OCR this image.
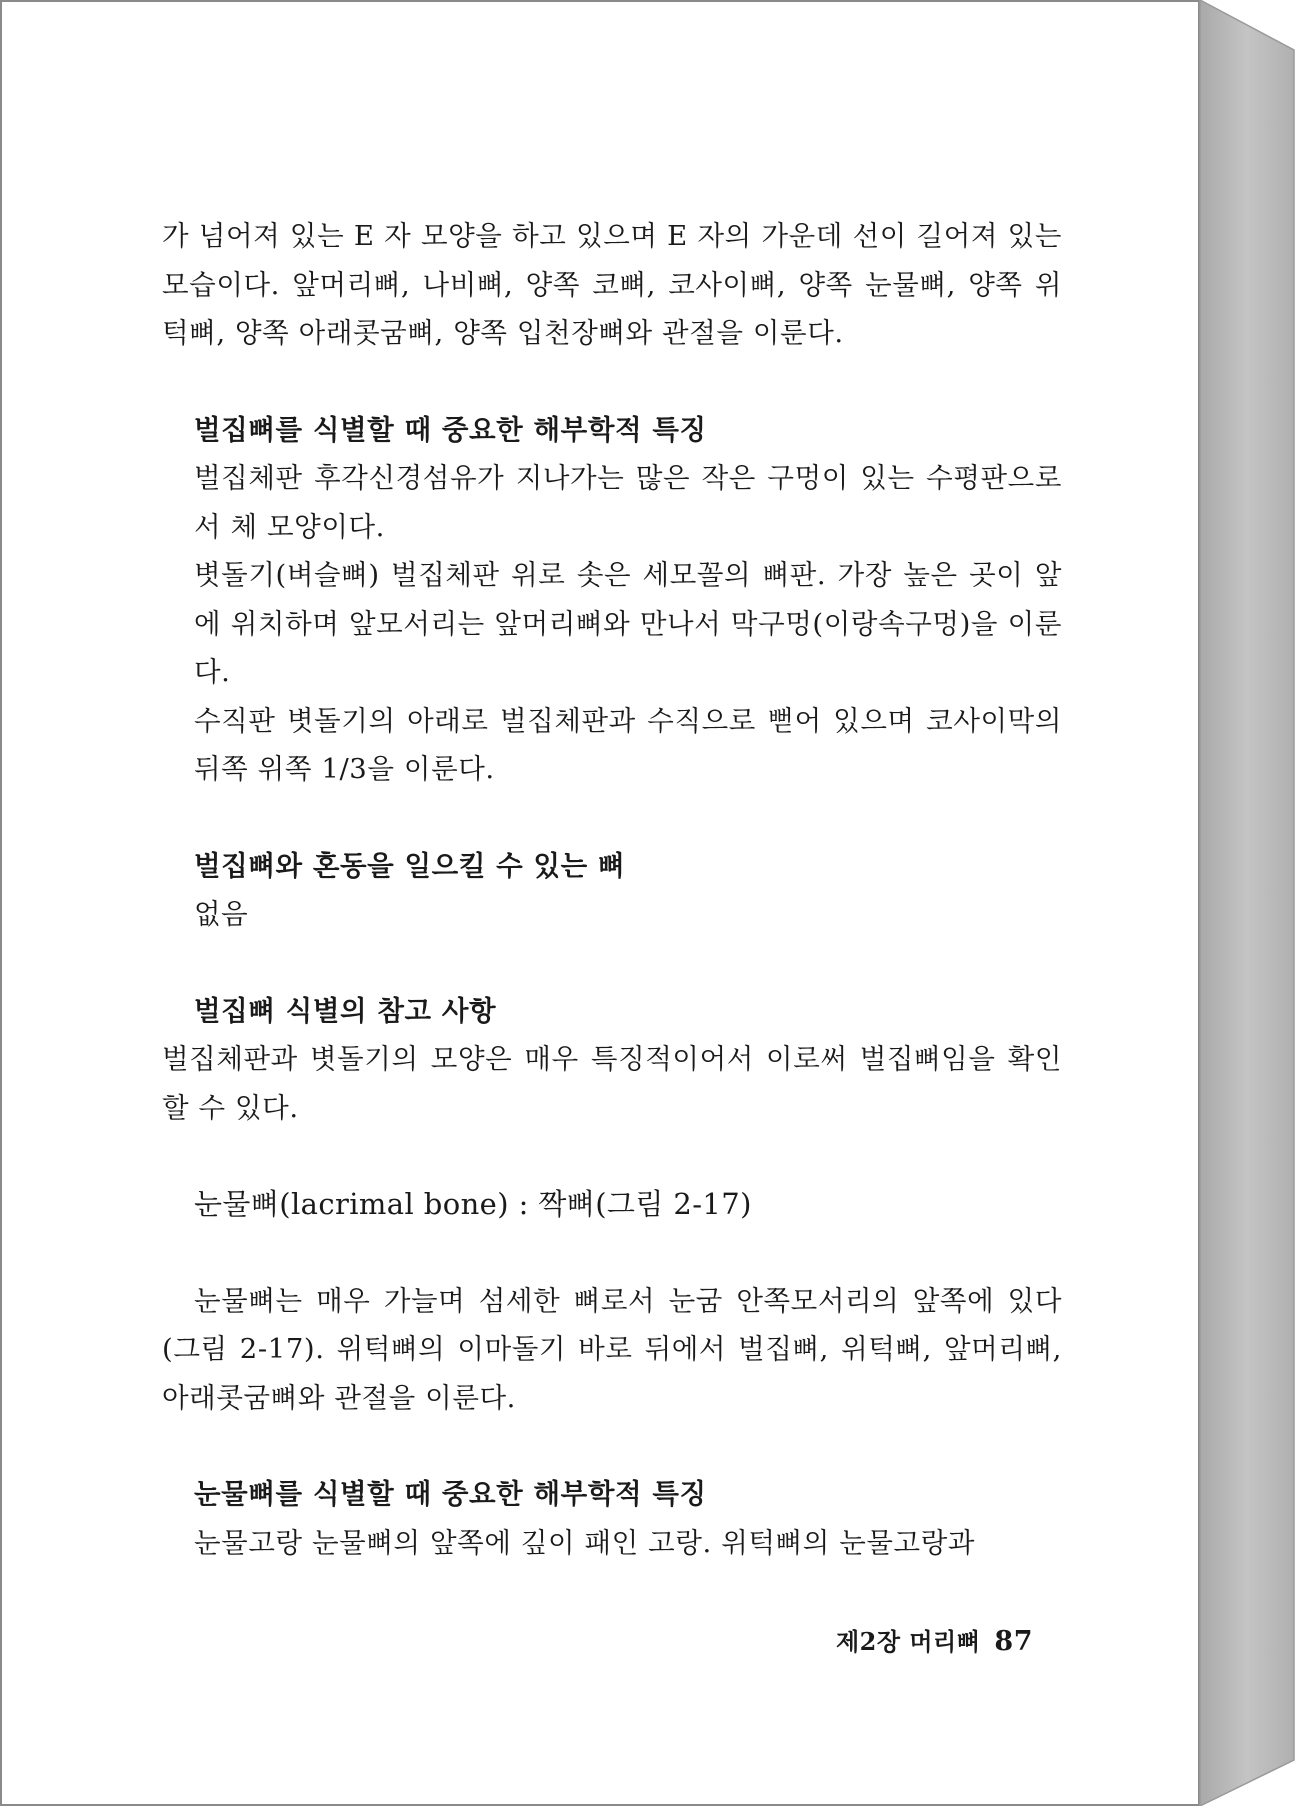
가 넘어져 있는 E 자 모양을 하고 있으며 E 자의 가운데 선이 길어져 있는 모습이다. 앞머리뼈, 나비뼈, 양쪽 코뼈, 코사이뼈, 양쪽 눈물뼈, 양쪽 위턱뼈, 양쪽 아래콧굼뼈, 양쪽 입천장뼈와 관절을 이룬다.

벌집뼈를 식별할 때 중요한 해부학적 특징

벌집체판 후각신경섬유가 지나가는 많은 작은 구멍이 있는 수평판으로서 체 모양이다.

볏돌기(벼슬뼈) 벌집체판 위로 솟은 세모꼴의 뼈판. 가장 높은 곳이 앞에 위치하며 앞모서리는 앞머리뼈와 만나서 막구멍(이랑속구멍)을 이룬다.

수직판 볏돌기의 아래로 벌집체판과 수직으로 뻗어 있으며 코사이막의 뒤쪽 위쪽 1/3을 이룬다.

벌집뼈와 혼동을 일으킬 수 있는 뼈

없음

벌집뼈 식별의 참고 사항

벌집체판과 볏돌기의 모양은 매우 특징적이어서 이로써 벌집뼈임을 확인할 수 있다.

눈물뼈(lacrimal bone) : 짝뼈(그림 2-17)

눈물뼈는 매우 가늘며 섬세한 뼈로서 눈굼 안쪽모서리의 앞쪽에 있다(그림 2-17). 위턱뼈의 이마돌기 바로 뒤에서 벌집뼈, 위턱뼈, 앞머리뼈, 아래콧굼뼈와 관절을 이룬다.

눈물뼈를 식별할 때 중요한 해부학적 특징

눈물고랑 눈물뼈의 앞쪽에 깊이 패인 고랑. 위턱뼈의 눈물고랑과

제2장 머리뼈 87
